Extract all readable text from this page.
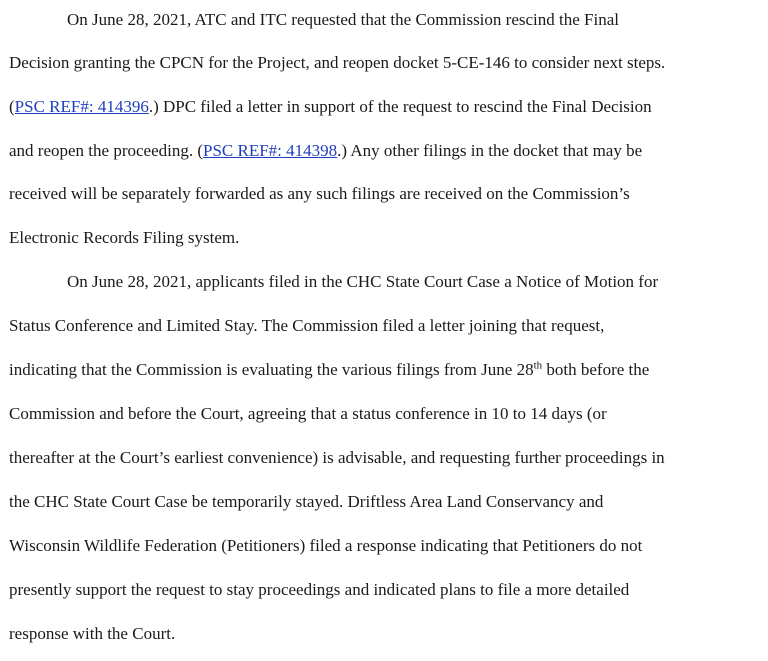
On June 28, 2021, ATC and ITC requested that the Commission rescind the Final
Decision granting the CPCN for the Project, and reopen docket 5-CE-146 to consider next steps.
(PSC REF#: 414396.) DPC filed a letter in support of the request to rescind the Final Decision
and reopen the proceeding. (PSC REF#: 414398.) Any other filings in the docket that may be
received will be separately forwarded as any such filings are received on the Commission’s
Electronic Records Filing system.
On June 28, 2021, applicants filed in the CHC State Court Case a Notice of Motion for
Status Conference and Limited Stay. The Commission filed a letter joining that request,
indicating that the Commission is evaluating the various filings from June 28th both before the
Commission and before the Court, agreeing that a status conference in 10 to 14 days (or
thereafter at the Court’s earliest convenience) is advisable, and requesting further proceedings in
the CHC State Court Case be temporarily stayed. Driftless Area Land Conservancy and
Wisconsin Wildlife Federation (Petitioners) filed a response indicating that Petitioners do not
presently support the request to stay proceedings and indicated plans to file a more detailed
response with the Court.
